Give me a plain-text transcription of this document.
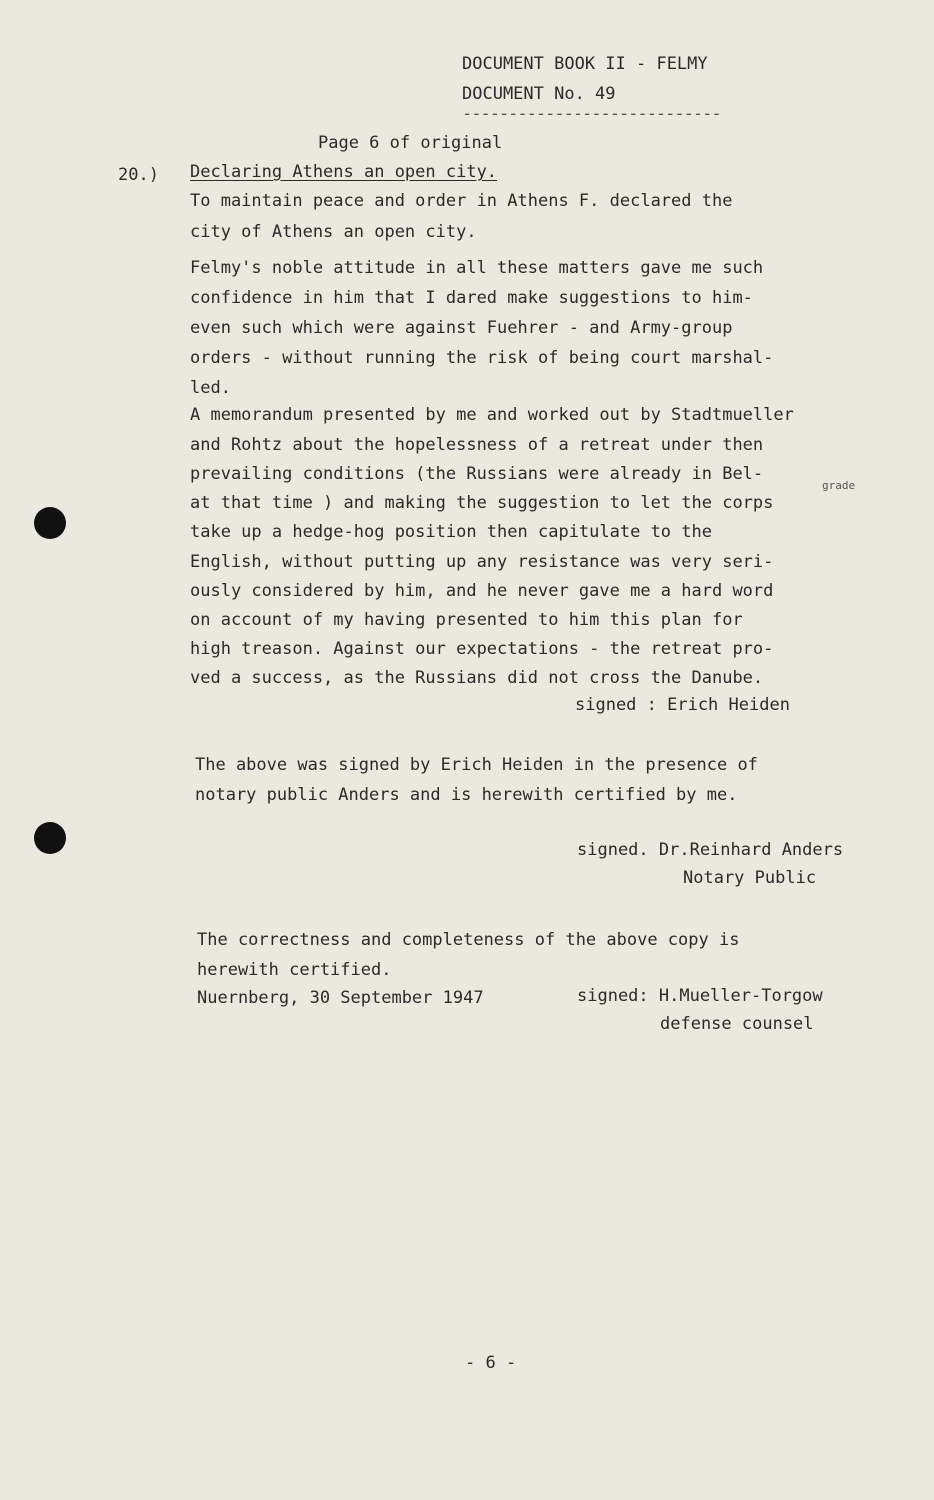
DOCUMENT BOOK II - FELMY
DOCUMENT No. 49
----------------------------
Page 6 of original
20.) Declaring Athens an open city.
To maintain peace and order in Athens F. declared the
city of Athens an open city.
Felmy's noble attitude in all these matters gave me such
confidence in him that I dared make suggestions to him-
even such which were against Fuehrer - and Army-group
orders - without running the risk of being court marshal-
led.
A memorandum presented by me and worked out by Stadtmueller
and Rohtz about the hopelessness of a retreat under then
prevailing conditions (the Russians were already in Bel-
grade
at that time ) and making the suggestion to let the corps
take up a hedge-hog position then capitulate to the
English, without putting up any resistance was very seri-
ously considered by him, and he never gave me a hard word
on account of my having presented to him this plan for
high treason. Against our expectations - the retreat pro-
ved a success, as the Russians did not cross the Danube.
signed : Erich Heiden
The above was signed by Erich Heiden in the presence of
notary public Anders and is herewith certified by me.
signed. Dr.Reinhard Anders
Notary Public
The correctness and completeness of the above copy is
herewith certified.
Nuernberg, 30 September 1947	signed: H.Mueller-Torgow
defense counsel
- 6 -
